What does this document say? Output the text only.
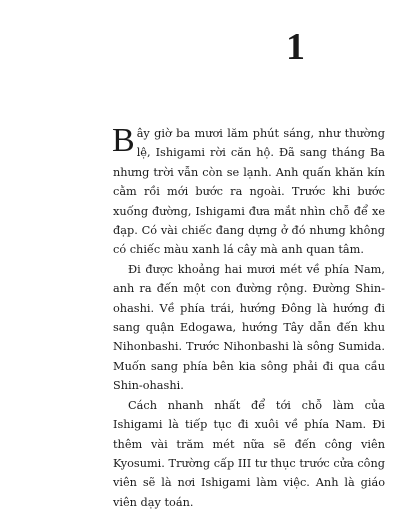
1

Bây giờ ba mươi lăm phút sáng, như thường lệ, Ishigami rời căn hộ. Đã sang tháng Ba nhưng trời vẫn còn se lạnh. Anh quấn khăn kín cằm rồi mới bước ra ngoài. Trước khi bước xuống đường, Ishigami đưa mắt nhìn chỗ để xe đạp. Có vài chiếc đang dựng ở đó nhưng không có chiếc màu xanh lá cây mà anh quan tâm.

Đi được khoảng hai mươi mét về phía Nam, anh ra đến một con đường rộng. Đường Shin-ohashi. Về phía trái, hướng Đông là hướng đi sang quận Edogawa, hướng Tây dẫn đến khu Nihonbashi. Trước Nihonbashi là sông Sumida. Muốn sang phía bên kia sông phải đi qua cầu Shin-ohashi.

Cách nhanh nhất để tới chỗ làm của Ishigami là tiếp tục đi xuôi về phía Nam. Đi thêm vài trăm mét nữa sẽ đến công viên Kyosumi. Trường cấp III tư thục trước cửa công viên sẽ là nơi Ishigami làm việc. Anh là giáo viên dạy toán.
